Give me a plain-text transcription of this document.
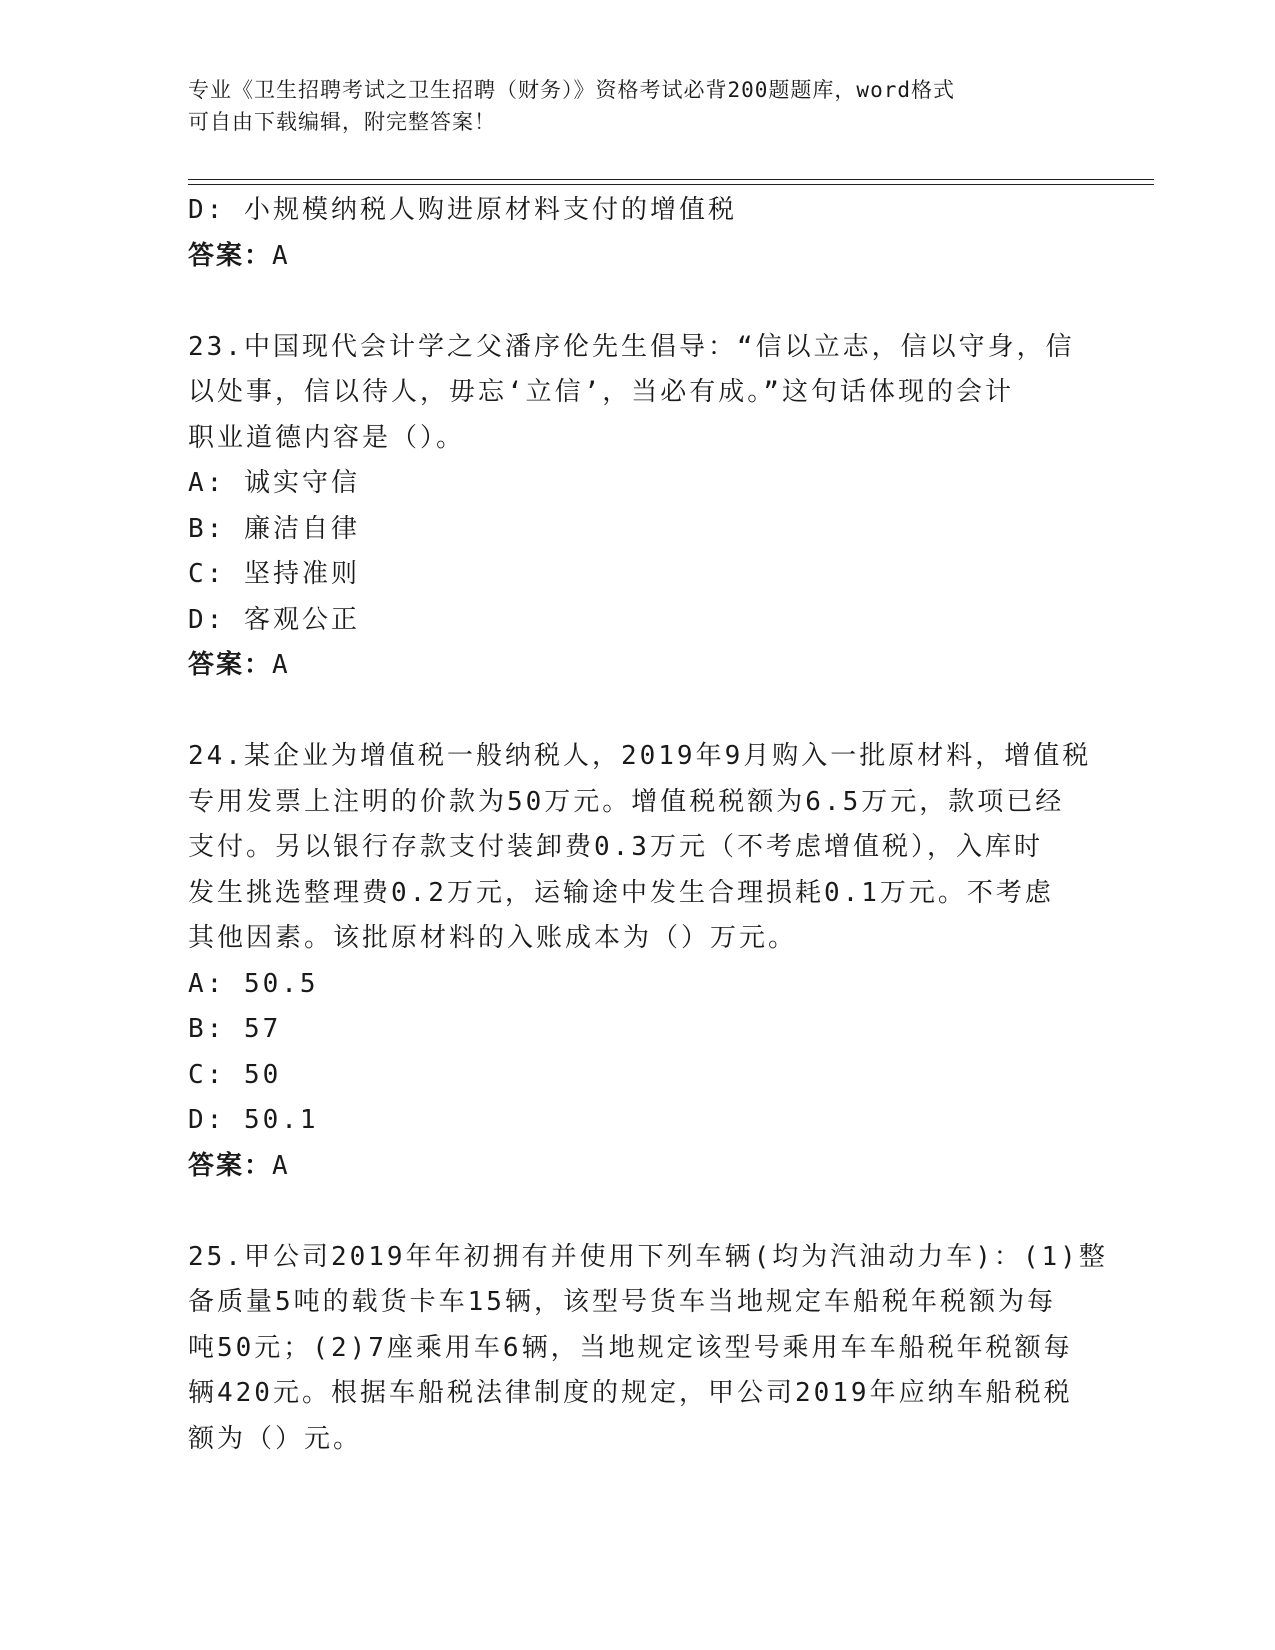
专业《卫生招聘考试之卫生招聘（财务）》资格考试必背200题题库，word格式
可自由下载编辑，附完整答案！
D: 小规模纳税人购进原材料支付的增值税
答案：A
23.中国现代会计学之父潘序伦先生倡导：“信以立志，信以守身，信
以处事，信以待人，毋忘‘立信’，当必有成。”这句话体现的会计
职业道德内容是（）。
A: 诚实守信
B: 廉洁自律
C: 坚持准则
D: 客观公正
答案：A
24.某企业为增值税一般纳税人，2019年9月购入一批原材料，增值税
专用发票上注明的价款为50万元。增值税税额为6.5万元，款项已经
支付。另以银行存款支付装卸费0.3万元（不考虑增值税），入库时
发生挑选整理费0.2万元，运输途中发生合理损耗0.1万元。不考虑
其他因素。该批原材料的入账成本为（）万元。
A: 50.5
B: 57
C: 50
D: 50.1
答案：A
25.甲公司2019年年初拥有并使用下列车辆(均为汽油动力车)：(1)整
备质量5吨的载货卡车15辆，该型号货车当地规定车船税年税额为每
吨50元；(2)7座乘用车6辆，当地规定该型号乘用车车船税年税额每
辆420元。根据车船税法律制度的规定，甲公司2019年应纳车船税税
额为（）元。
